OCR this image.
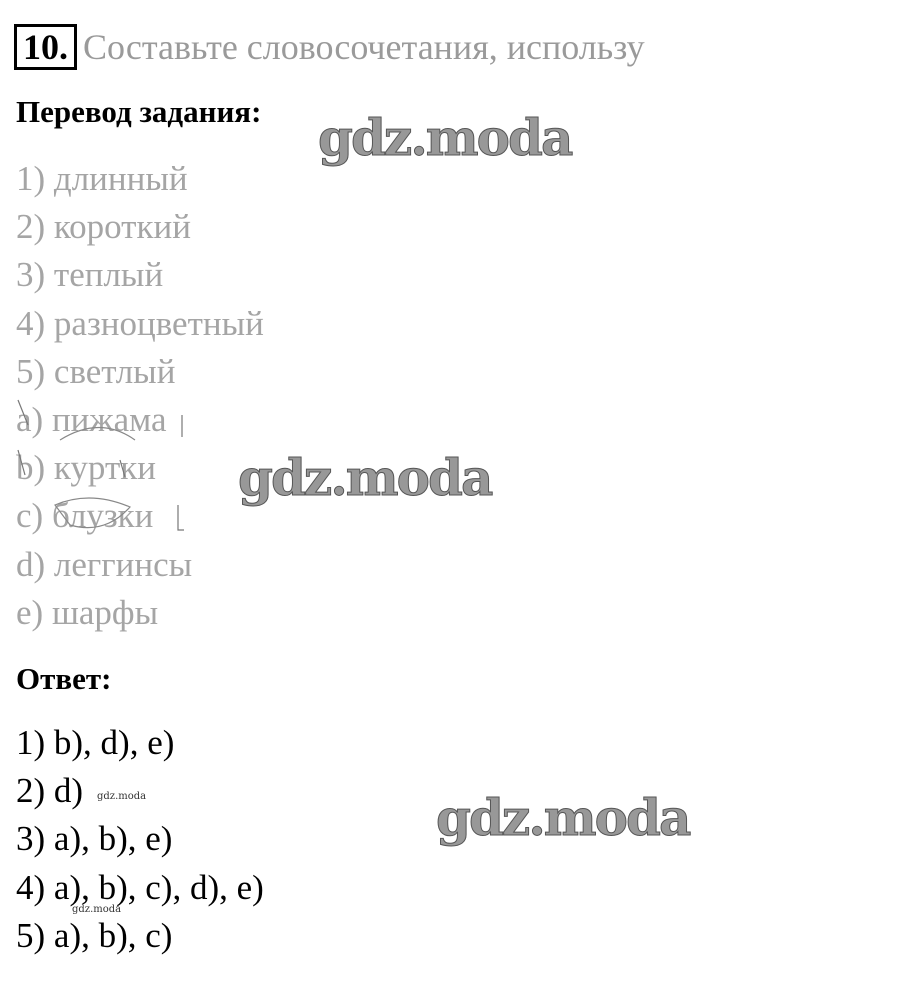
10. Составьте словосочетания, использу
Перевод задания:
1) длинный
2) короткий
3) теплый
4) разноцветный
5) светлый
a) пижама
b) куртки
c) блузки
d) леггинсы
e) шарфы
Ответ:
1) b), d), e)
2) d)
3) a), b), e)
4) a), b), c), d), e)
5) a), b), c)
gdz.moda
gdz.moda
gdz.moda
gdz.moda
gdz.moda
